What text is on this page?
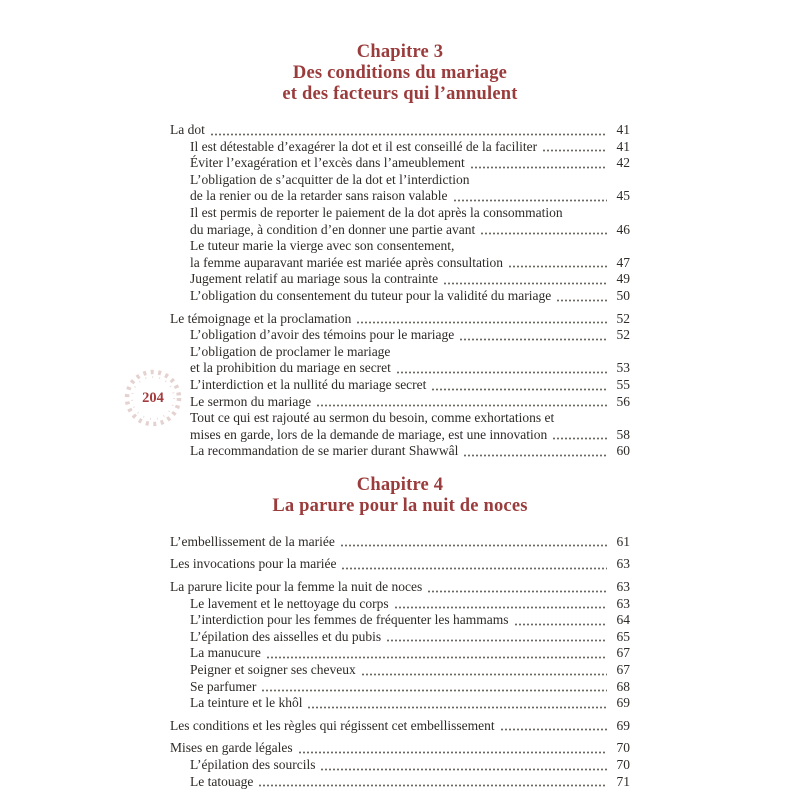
Chapitre 3
Des conditions du mariage
et des facteurs qui l’annulent
La dot	41
Il est détestable d’exagérer la dot et il est conseillé de la faciliter	41
Éviter l’exagération et l’excès dans l’ameublement	42
L’obligation de s’acquitter de la dot et l’interdiction
de la renier ou de la retarder sans raison valable	45
Il est permis de reporter le paiement de la dot après la consommation
du mariage, à condition d’en donner une partie avant	46
Le tuteur marie la vierge avec son consentement,
la femme auparavant mariée est mariée après consultation	47
Jugement relatif au mariage sous la contrainte	49
L’obligation du consentement du tuteur pour la validité du mariage	50
Le témoignage et la proclamation	52
L’obligation d’avoir des témoins pour le mariage	52
L’obligation de proclamer le mariage
et la prohibition du mariage en secret	53
L’interdiction et la nullité du mariage secret	55
Le sermon du mariage	56
Tout ce qui est rajouté au sermon du besoin, comme exhortations et
mises en garde, lors de la demande de mariage, est une innovation	58
La recommandation de se marier durant Shawwâl	60
Chapitre 4
La parure pour la nuit de noces
L’embellissement de la mariée	61
Les invocations pour la mariée	63
La parure licite pour la femme la nuit de noces	63
Le lavement et le nettoyage du corps	63
L’interdiction pour les femmes de fréquenter les hammams	64
L’épilation des aisselles et du pubis	65
La manucure	67
Peigner et soigner ses cheveux	67
Se parfumer	68
La teinture et le khôl	69
Les conditions et les règles qui régissent cet embellissement	69
Mises en garde légales	70
L’épilation des sourcils	70
Le tatouage	71
204
